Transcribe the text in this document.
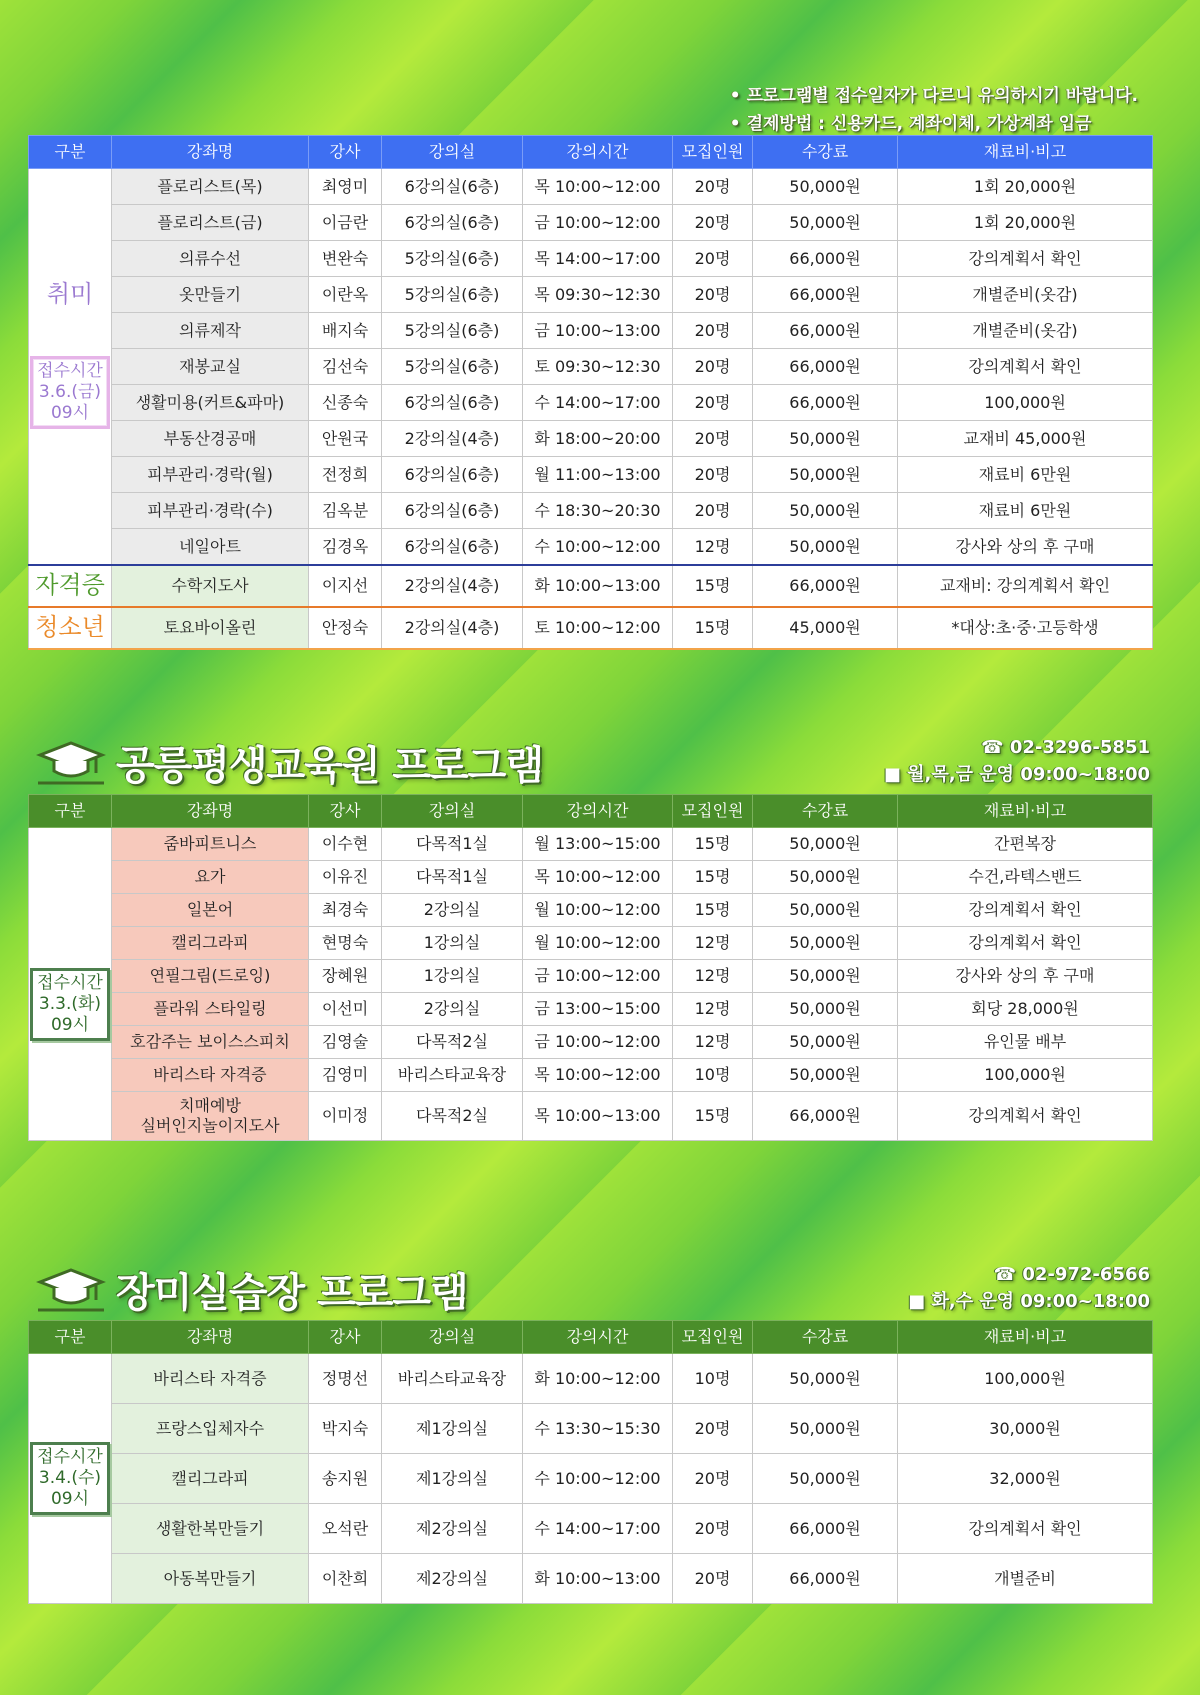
• 프로그램별 접수일자가 다르니 유의하시기 바랍니다.
• 결제방법 : 신용카드, 계좌이체, 가상계좌 입금
구분	강좌명	강사	강의실	강의시간	모집인원	수강료	재료비·비고

취미
접수시간
3.6.(금)
09시	플로리스트(목)	최영미	6강의실(6층)	목 10:00~12:00	20명	50,000원	1회 20,000원
	플로리스트(금)	이금란	6강의실(6층)	금 10:00~12:00	20명	50,000원	1회 20,000원
	의류수선	변완숙	5강의실(6층)	목 14:00~17:00	20명	66,000원	강의계획서 확인
	옷만들기	이란옥	5강의실(6층)	목 09:30~12:30	20명	66,000원	개별준비(옷감)
	의류제작	배지숙	5강의실(6층)	금 10:00~13:00	20명	66,000원	개별준비(옷감)
	재봉교실	김선숙	5강의실(6층)	토 09:30~12:30	20명	66,000원	강의계획서 확인
	생활미용(커트&파마)	신종숙	6강의실(6층)	수 14:00~17:00	20명	66,000원	100,000원
	부동산경공매	안원국	2강의실(4층)	화 18:00~20:00	20명	50,000원	교재비 45,000원
	피부관리·경락(월)	전정희	6강의실(6층)	월 11:00~13:00	20명	50,000원	재료비 6만원
	피부관리·경락(수)	김옥분	6강의실(6층)	수 18:30~20:30	20명	50,000원	재료비 6만원
	네일아트	김경옥	6강의실(6층)	수 10:00~12:00	12명	50,000원	강사와 상의 후 구매
자격증	수학지도사	이지선	2강의실(4층)	화 10:00~13:00	15명	66,000원	교재비: 강의계획서 확인
청소년	토요바이올린	안정숙	2강의실(4층)	토 10:00~12:00	15명	45,000원	*대상:초·중·고등학생
공릉평생교육원 프로그램	☎ 02-3296-5851
■ 월,목,금 운영 09:00~18:00
구분	강좌명	강사	강의실	강의시간	모집인원	수강료	재료비·비고
접수시간
3.3.(화)
09시	줌바피트니스	이수현	다목적1실	월 13:00~15:00	15명	50,000원	간편복장
	요가	이유진	다목적1실	목 10:00~12:00	15명	50,000원	수건,라텍스밴드
	일본어	최경숙	2강의실	월 10:00~12:00	15명	50,000원	강의계획서 확인
	캘리그라피	현명숙	1강의실	월 10:00~12:00	12명	50,000원	강의계획서 확인
	연필그림(드로잉)	장혜원	1강의실	금 10:00~12:00	12명	50,000원	강사와 상의 후 구매
	플라워 스타일링	이선미	2강의실	금 13:00~15:00	12명	50,000원	회당 28,000원
	호감주는 보이스스피치	김영술	다목적2실	금 10:00~12:00	12명	50,000원	유인물 배부
	바리스타 자격증	김영미	바리스타교육장	목 10:00~12:00	10명	50,000원	100,000원
	치매예방
실버인지놀이지도사	이미정	다목적2실	목 10:00~13:00	15명	66,000원	강의계획서 확인
장미실습장 프로그램	☎ 02-972-6566
■ 화,수 운영 09:00~18:00
구분	강좌명	강사	강의실	강의시간	모집인원	수강료	재료비·비고
접수시간
3.4.(수)
09시	바리스타 자격증	정명선	바리스타교육장	화 10:00~12:00	10명	50,000원	100,000원
	프랑스입체자수	박지숙	제1강의실	수 13:30~15:30	20명	50,000원	30,000원
	캘리그라피	송지원	제1강의실	수 10:00~12:00	20명	50,000원	32,000원
	생활한복만들기	오석란	제2강의실	수 14:00~17:00	20명	66,000원	강의계획서 확인
	아동복만들기	이찬희	제2강의실	화 10:00~13:00	20명	66,000원	개별준비
